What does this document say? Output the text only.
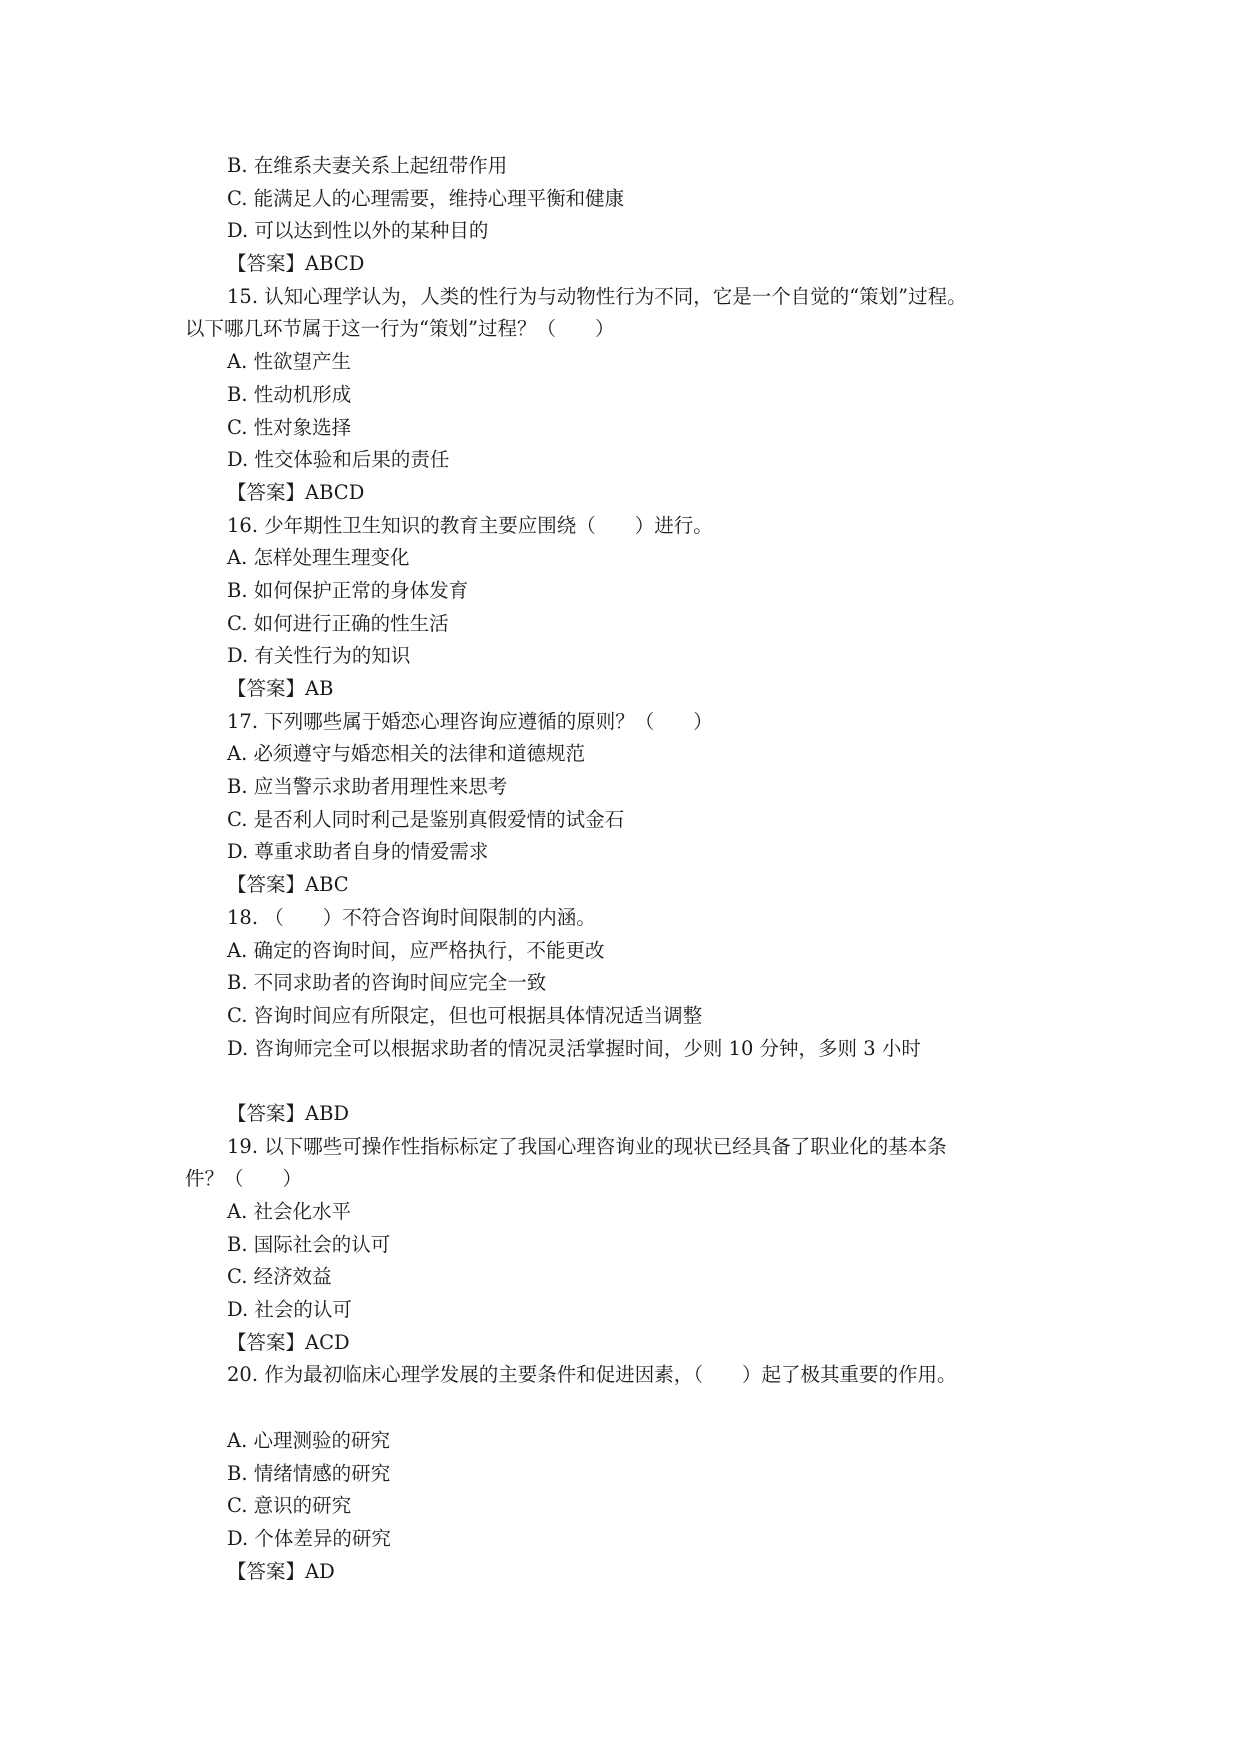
B. 在维系夫妻关系上起纽带作用
C. 能满足人的心理需要，维持心理平衡和健康
D. 可以达到性以外的某种目的
【答案】ABCD
15. 认知心理学认为，人类的性行为与动物性行为不同，它是一个自觉的“策划”过程。
以下哪几环节属于这一行为“策划”过程？（　　）
A. 性欲望产生
B. 性动机形成
C. 性对象选择
D. 性交体验和后果的责任
【答案】ABCD
16. 少年期性卫生知识的教育主要应围绕（　　）进行。
A. 怎样处理生理变化
B. 如何保护正常的身体发育
C. 如何进行正确的性生活
D. 有关性行为的知识
【答案】AB
17. 下列哪些属于婚恋心理咨询应遵循的原则？（　　）
A. 必须遵守与婚恋相关的法律和道德规范
B. 应当警示求助者用理性来思考
C. 是否利人同时利己是鉴别真假爱情的试金石
D. 尊重求助者自身的情爱需求
【答案】ABC
18. （　　）不符合咨询时间限制的内涵。
A. 确定的咨询时间，应严格执行，不能更改
B. 不同求助者的咨询时间应完全一致
C. 咨询时间应有所限定，但也可根据具体情况适当调整
D. 咨询师完全可以根据求助者的情况灵活掌握时间，少则 10 分钟，多则 3 小时
【答案】ABD
19. 以下哪些可操作性指标标定了我国心理咨询业的现状已经具备了职业化的基本条
件？（　　）
A. 社会化水平
B. 国际社会的认可
C. 经济效益
D. 社会的认可
【答案】ACD
20. 作为最初临床心理学发展的主要条件和促进因素，（　　）起了极其重要的作用。
A. 心理测验的研究
B. 情绪情感的研究
C. 意识的研究
D. 个体差异的研究
【答案】AD
